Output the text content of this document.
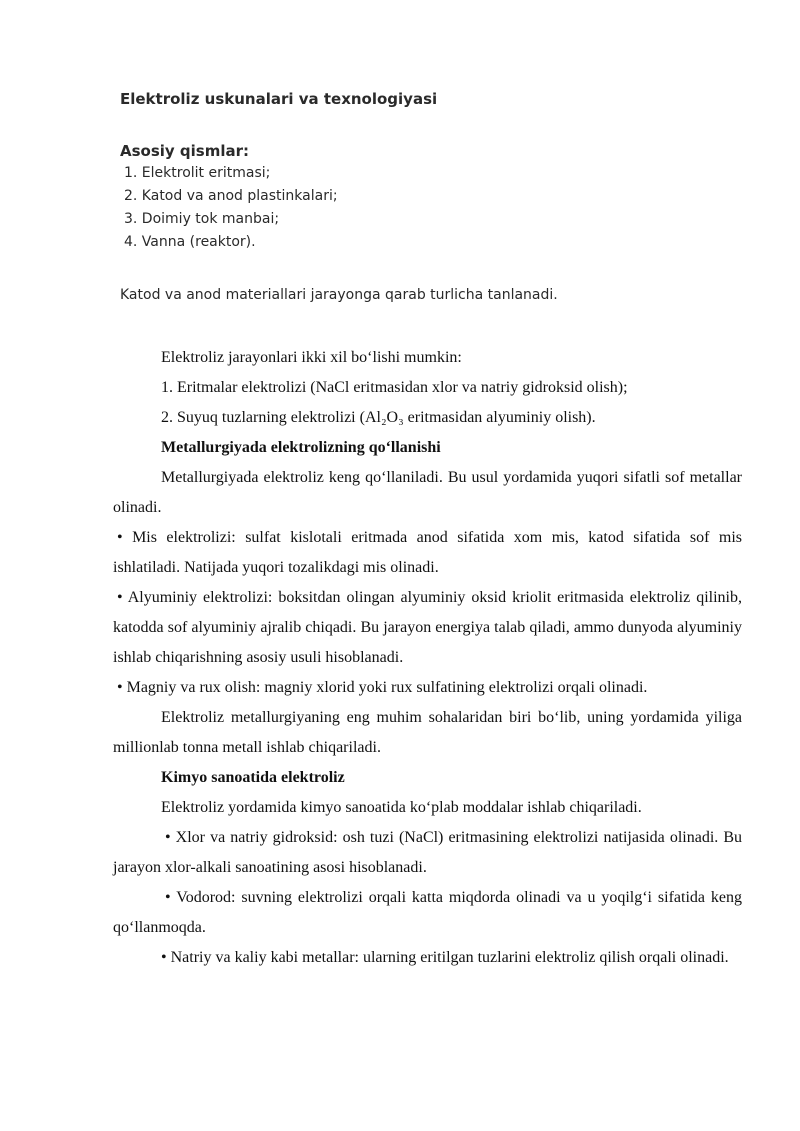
Elektroliz uskunalari va texnologiyasi
Asosiy qismlar:
1. Elektrolit eritmasi;
2. Katod va anod plastinkalari;
3. Doimiy tok manbai;
4. Vanna (reaktor).
Katod va anod materiallari jarayonga qarab turlicha tanlanadi.

Elektroliz jarayonlari ikki xil bo‘lishi mumkin:

1. Eritmalar elektrolizi (NaCl eritmasidan xlor va natriy gidroksid olish);

2. Suyuq tuzlarning elektrolizi (Al₂O₃ eritmasidan alyuminiy olish).

Metallurgiyada elektrolizning qo‘llanishi

Metallurgiyada elektroliz keng qo‘llaniladi. Bu usul yordamida yuqori sifatli sof metallar olinadi.

• Mis elektrolizi: sulfat kislotali eritmada anod sifatida xom mis, katod sifatida sof mis ishlatiladi. Natijada yuqori tozalikdagi mis olinadi.

• Alyuminiy elektrolizi: boksitdan olingan alyuminiy oksid kriolit eritmasida elektroliz qilinib, katodda sof alyuminiy ajralib chiqadi. Bu jarayon energiya talab qiladi, ammo dunyoda alyuminiy ishlab chiqarishning asosiy usuli hisoblanadi.

• Magniy va rux olish: magniy xlorid yoki rux sulfatining elektrolizi orqali olinadi.

Elektroliz metallurgiyaning eng muhim sohalaridan biri bo‘lib, uning yordamida yiliga millionlab tonna metall ishlab chiqariladi.

Kimyo sanoatida elektroliz

Elektroliz yordamida kimyo sanoatida ko‘plab moddalar ishlab chiqariladi.

• Xlor va natriy gidroksid: osh tuzi (NaCl) eritmasining elektrolizi natijasida olinadi. Bu jarayon xlor-alkali sanoatining asosi hisoblanadi.

• Vodorod: suvning elektrolizi orqali katta miqdorda olinadi va u yoqilg‘i sifatida keng qo‘llanmoqda.

• Natriy va kaliy kabi metallar: ularning eritilgan tuzlarini elektroliz qilish orqali olinadi.
